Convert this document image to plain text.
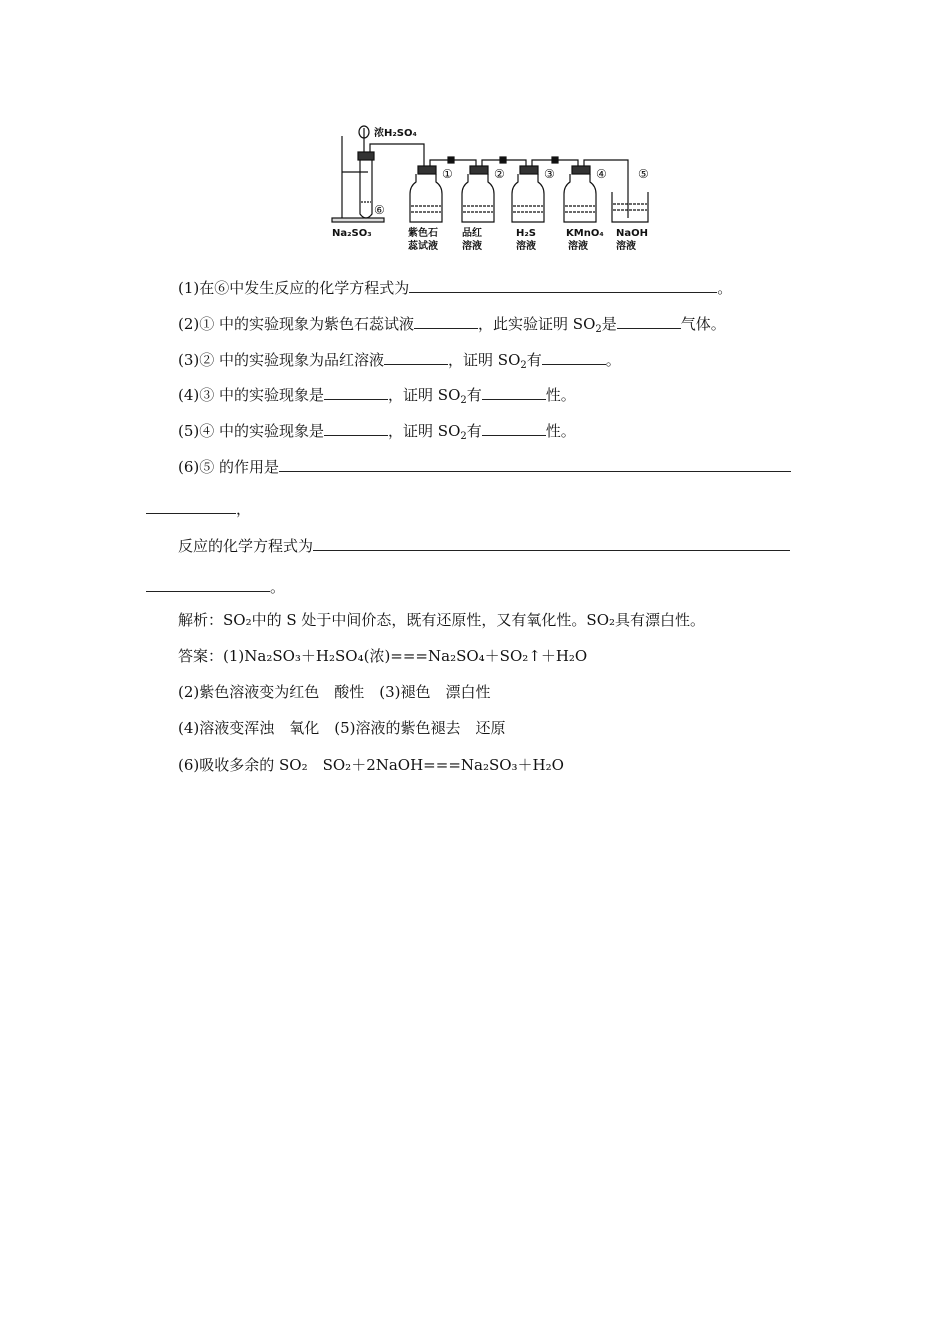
浓H₂SO₄
Na₂SO₃
①	②	③	④	⑤
⑥
紫色石
蕊试液
品红
溶液
H₂S
溶液
KMnO₄
溶液
NaOH
溶液
(1)在⑥中发生反应的化学方程式为	。
(2)① 中的实验现象为紫色石蕊试液	，此实验证明 $SO_2$是	气体。
(3)② 中的实验现象为品红溶液	，证明 $SO_2$有	。
(4)③ 中的实验现象是	，证明 $SO_2$有	性。
(5)④ 中的实验现象是	，证明 $SO_2$有	性。
(6)⑤ 的作用是
，
反应的化学方程式为
。
解析：SO₂中的 S 处于中间价态，既有还原性，又有氧化性。SO₂具有漂白性。
答案：(1)Na₂SO₃＋H₂SO₄(浓)===Na₂SO₄＋SO₂↑＋H₂O
(2)紫色溶液变为红色　酸性　(3)褪色　漂白性
(4)溶液变浑浊　氧化　(5)溶液的紫色褪去　还原
(6)吸收多余的 SO₂　SO₂＋2NaOH===Na₂SO₃＋H₂O
